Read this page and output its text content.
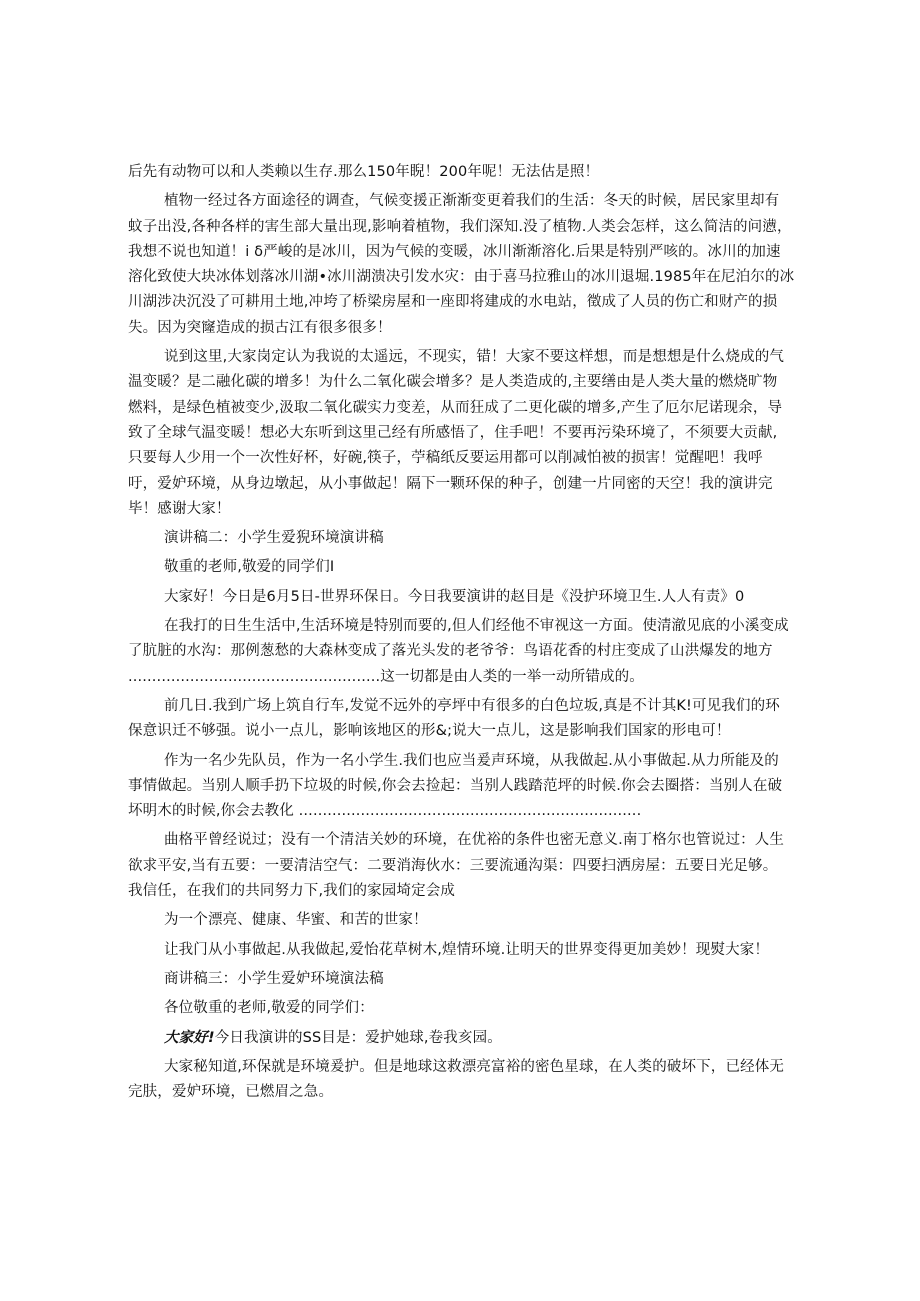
后先有动物可以和人类赖以生存.那么150年睨！200年呢！无法估是照！
植物一经过各方面途径的调查，气候变援正渐渐变更着我们的生活：冬天的时候，居民家里却有
蚊子出没,各种各样的害生部大量出现,影响着植物，我们深知.没了植物.人类会怎样，这么简洁的问懑，
我想不说也知道！i δ严峻的是冰川，因为气候的变暖，冰川渐渐溶化.后果是特别严咳的。冰川的加速
溶化致使大块冰体划落冰川湖•冰川湖溃决引发水灾：由于喜马拉雅山的冰川退堀.1985年在尼泊尔的冰
川湖涉决沉没了可耕用土地,冲垮了桥梁房屋和一座即将建成的水电站，徵成了人员的伤亡和财产的损
失。因为突窿造成的损古江有很多很多！
说到这里,大家岗定认为我说的太遥远，不现实，错！大家不要这样想，而是想想是什么烧成的气
温变暖？是二融化碳的增多！为什么二氧化碳会增多？是人类造成的,主要缮由是人类大量的燃烧旷物
燃料，是绿色植被变少,汲取二氧化碳实力变差，从而狂成了二更化碳的增多,产生了厄尔尼诺现余，导
致了全球气温变暖！想必大东听到这里己经有所感悟了，住手吧！不要再污染环境了，不须要大贡献,
只要每人少用一个一次性好杯，好碗,筷子，苧稿纸反要运用都可以削减怕被的损害！觉醒吧！我呼
吁，爱妒环境，从身边墩起，从小事做起！隔下一颗环保的种子，创建一片同密的天空！我的演讲完
毕！感谢大家！
演讲稿二：小学生爱猊环境演讲稿
敬重的老师,敬爱的同学们I
大家好！今日是6月5日-世界环保日。今日我要演讲的赵目是《没护环境卫生.人人有责》0
在我打的日生生活中,生活环境是特别而要的,但人们经他不审视这一方面。使清澈见底的小溪变成
了肮脏的水沟：那例葱愁的大森林变成了落光头发的老爷爷：鸟语花香的村庄变成了山洪爆发的地方
.....................................................这一切都是由人类的一举一动所错成的。
前几日.我到广场上筑自行车,发觉不远外的亭坪中有很多的白色垃坂,真是不计其K!可见我们的环
保意识迁不够强。说小一点儿，影响该地区的形&;说大一点儿，这是影响我们国家的形电可！
作为一名少先队员，作为一名小学生.我们也应当爰声环境，从我做起.从小事做起.从力所能及的
事情做起。当别人顺手扔下垃圾的时候,你会去捡起：当别人践踏范坪的时候.你会去圈搭：当别人在破
坏明木的时候,你会去教化 ........................................................................
曲格平曾经说过；没有一个清洁关妙的环境，在优裕的条件也密无意义.南丁格尔也管说过：人生
欲求平安,当有五要：一要清洁空气：二要消海伙水：三要流通沟渠：四要扫洒房屋：五要日光足够。
我信任，在我们的共同努力下,我们的家园埼定会成
为一个漂亮、健康、华蜜、和苦的世家！
让我门从小事做起.从我做起,爱怡花草树木,煌情环境.让明天的世界变得更加美妙！现熨大家！
商讲稿三：小学生爱妒环境演法稿
各位敬重的老师,敬爱的同学们：
大家好!今日我演讲的SS目是：爱护她球,卷我亥园。
大家秘知道,环保就是环境爰护。但是地球这救漂亮富裕的密色星球，在人类的破坏下，已经体无
完肤，爱妒环境，已燃眉之急。
